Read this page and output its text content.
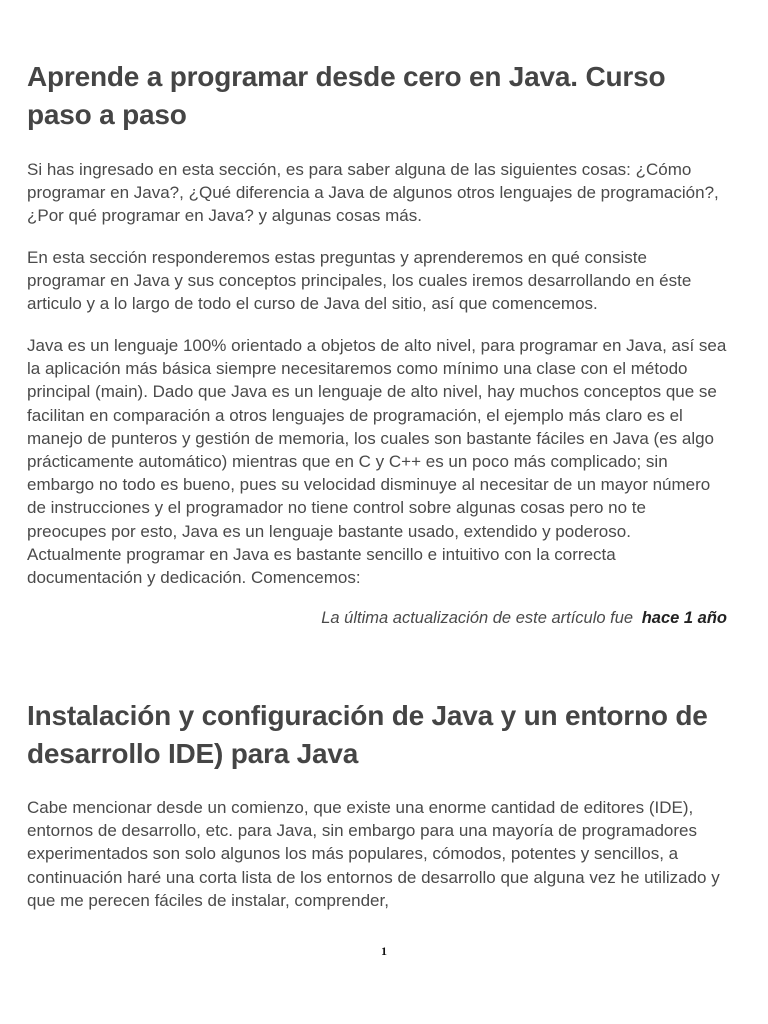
Aprende a programar desde cero en Java. Curso paso a paso

Si has ingresado en esta sección, es para saber alguna de las siguientes cosas: ¿Cómo programar en Java?, ¿Qué diferencia a Java de algunos otros lenguajes de programación?, ¿Por qué programar en Java? y algunas cosas más.

En esta sección responderemos estas preguntas y aprenderemos en qué consiste programar en Java y sus conceptos principales, los cuales iremos desarrollando en éste articulo y a lo largo de todo el curso de Java del sitio, así que comencemos.

Java es un lenguaje 100% orientado a objetos de alto nivel, para programar en Java, así sea la aplicación más básica siempre necesitaremos como mínimo una clase con el método principal (main). Dado que Java es un lenguaje de alto nivel, hay muchos conceptos que se facilitan en comparación a otros lenguajes de programación, el ejemplo más claro es el manejo de punteros y gestión de memoria, los cuales son bastante fáciles en Java (es algo prácticamente automático) mientras que en C y C++ es un poco más complicado; sin embargo no todo es bueno, pues su velocidad disminuye al necesitar de un mayor número de instrucciones y el programador no tiene control sobre algunas cosas pero no te preocupes por esto, Java es un lenguaje bastante usado, extendido y poderoso. Actualmente programar en Java es bastante sencillo e intuitivo con la correcta documentación y dedicación. Comencemos:

La última actualización de este artículo fue hace 1 año
Instalación y configuración de Java y un entorno de desarrollo IDE) para Java

Cabe mencionar desde un comienzo, que existe una enorme cantidad de editores (IDE), entornos de desarrollo, etc. para Java, sin embargo para una mayoría de programadores experimentados son solo algunos los más populares, cómodos, potentes y sencillos, a continuación haré una corta lista de los entornos de desarrollo que alguna vez he utilizado y que me perecen fáciles de instalar, comprender,

1
